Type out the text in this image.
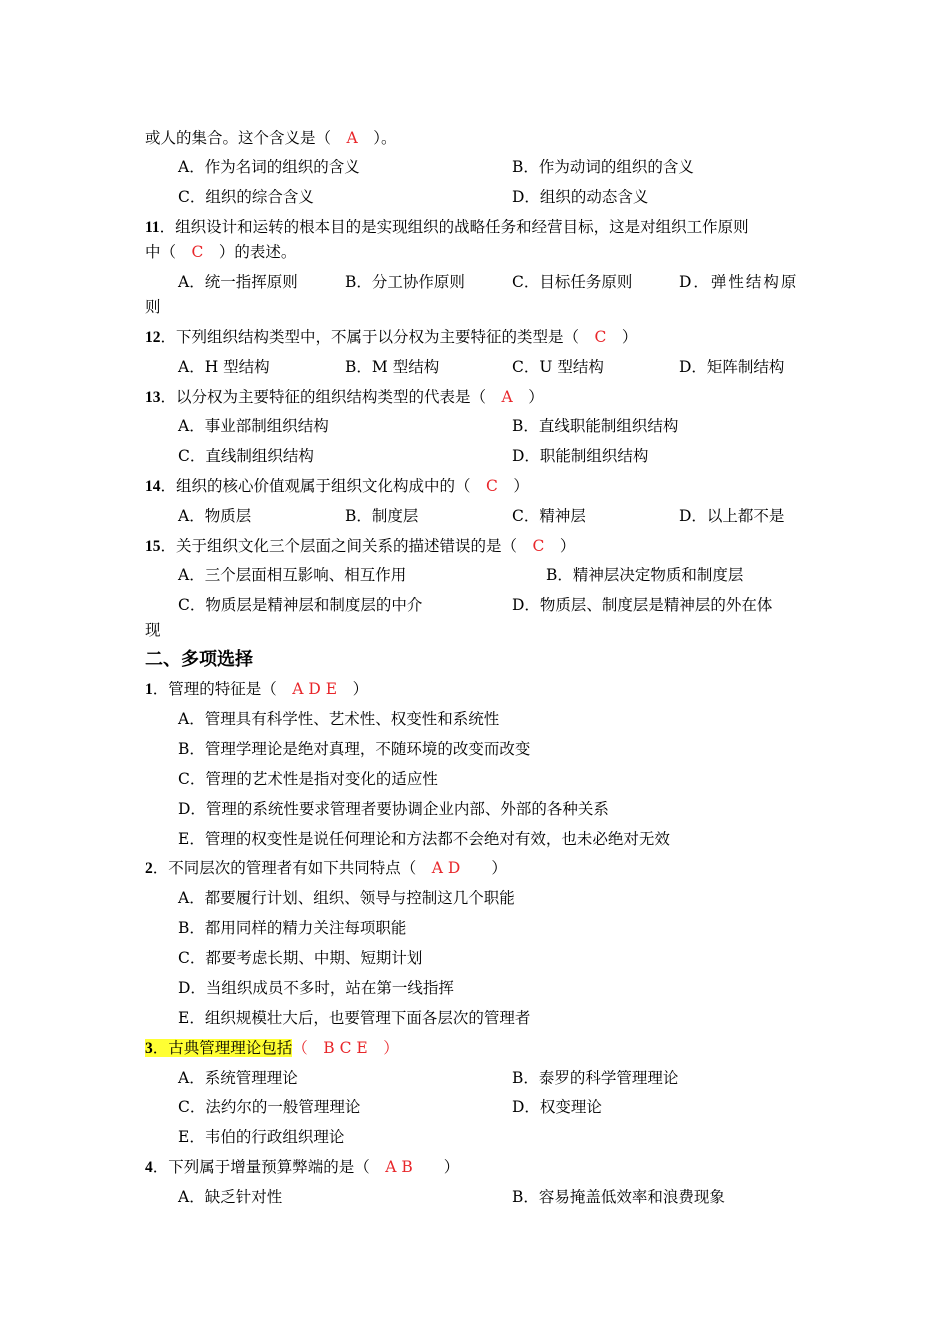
或人的集合。这个含义是（　A　）。
A．作为名词的组织的含义	B．作为动词的组织的含义
C．组织的综合含义	D．组织的动态含义
11．组织设计和运转的根本目的是实现组织的战略任务和经营目标，这是对组织工作原则
中（　C　）的表述。
A．统一指挥原则	B．分工协作原则	C．目标任务原则	D．弹性结构原
则
12．下列组织结构类型中，不属于以分权为主要特征的类型是（　C　）
A．H 型结构	B．M 型结构	C．U 型结构	D．矩阵制结构
13．以分权为主要特征的组织结构类型的代表是（　A　）
A．事业部制组织结构	B．直线职能制组织结构
C．直线制组织结构	D．职能制组织结构
14．组织的核心价值观属于组织文化构成中的（　C　）
A．物质层	B．制度层	C．精神层	D．以上都不是
15．关于组织文化三个层面之间关系的描述错误的是（　C　）
A．三个层面相互影响、相互作用	B．精神层决定物质和制度层
C．物质层是精神层和制度层的中介	D．物质层、制度层是精神层的外在体
现
二、多项选择
1．管理的特征是（　A D E　）
A．管理具有科学性、艺术性、权变性和系统性
B．管理学理论是绝对真理，不随环境的改变而改变
C．管理的艺术性是指对变化的适应性
D．管理的系统性要求管理者要协调企业内部、外部的各种关系
E．管理的权变性是说任何理论和方法都不会绝对有效，也未必绝对无效
2．不同层次的管理者有如下共同特点（　A D　　）
A．都要履行计划、组织、领导与控制这几个职能
B．都用同样的精力关注每项职能
C．都要考虑长期、中期、短期计划
D．当组织成员不多时，站在第一线指挥
E．组织规模壮大后，也要管理下面各层次的管理者
3．古典管理理论包括（　B C E　）
A．系统管理理论	B．泰罗的科学管理理论
C．法约尔的一般管理理论	D．权变理论
E．韦伯的行政组织理论
4．下列属于增量预算弊端的是（　A B　　）
A．缺乏针对性	B．容易掩盖低效率和浪费现象
